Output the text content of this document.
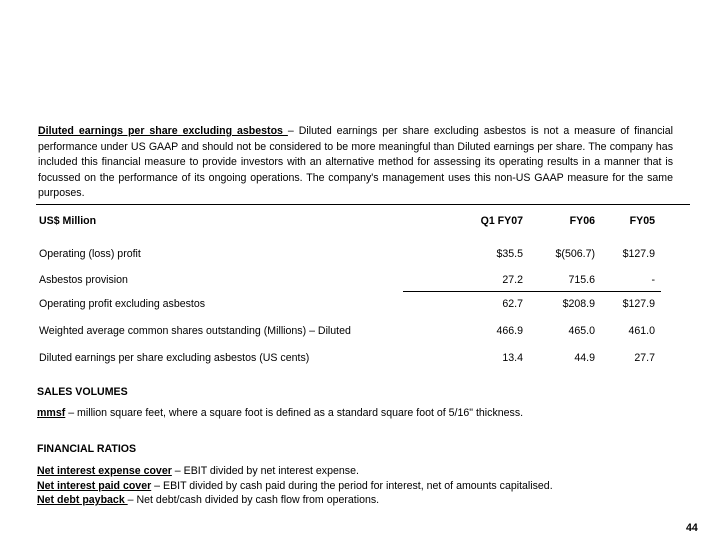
Diluted earnings per share excluding asbestos – Diluted earnings per share excluding asbestos is not a measure of financial performance under US GAAP and should not be considered to be more meaningful than Diluted earnings per share. The company has included this financial measure to provide investors with an alternative method for assessing its operating results in a manner that is focussed on the performance of its ongoing operations. The company's management uses this non-US GAAP measure for the same purposes.
US$ Million	Q1 FY07	FY06	FY05
Operating (loss) profit	$35.5	$(506.7)	$127.9
Asbestos provision	27.2	715.6	-
Operating profit excluding asbestos	62.7	$208.9	$127.9
Weighted average common shares outstanding (Millions) – Diluted	466.9	465.0	461.0
Diluted earnings per share excluding asbestos (US cents)	13.4	44.9	27.7
SALES VOLUMES
mmsf – million square feet, where a square foot is defined as a standard square foot of 5/16" thickness.
FINANCIAL RATIOS
Net interest expense cover – EBIT divided by net interest expense.
Net interest paid cover – EBIT divided by cash paid during the period for interest, net of amounts capitalised.
Net debt payback – Net debt/cash divided by cash flow from operations.
44
